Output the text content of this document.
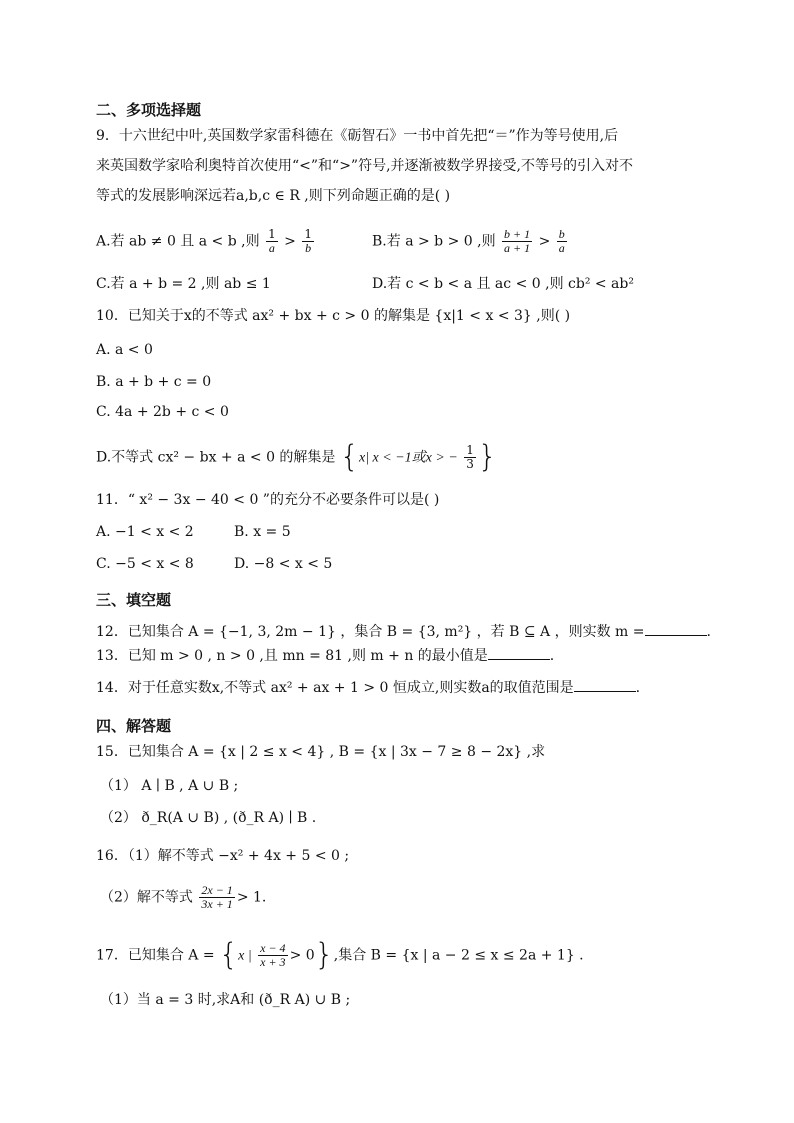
二、多项选择题
9．十六世纪中叶,英国数学家雷科德在《砺智石》一书中首先把“＝”作为等号使用,后
来英国数学家哈利奥特首次使用“<”和“>”符号,并逐渐被数学界接受,不等号的引入对不
等式的发展影响深远若a,b,c ∈ R ,则下列命题正确的是( )
A.若 ab ≠ 0 且 a < b ,则 $\frac{1}{a} > \frac{1}{b}$	B.若 a > b > 0 ,则 $\frac{b + 1}{a + 1} > \frac{b}{a}$
C.若 a + b = 2 ,则 ab ≤ 1	D.若 c < b < a 且 ac < 0 ,则 cb² < ab²
10．已知关于x的不等式 ax² + bx + c > 0 的解集是 {x|1 < x < 3} ,则( )
A. a < 0
B. a + b + c = 0
C. 4a + 2b + c < 0
D.不等式 cx² − bx + a < 0 的解集是 {x| x < −1或x > − $\frac{1}{3}$ }
11．“ x² − 3x − 40 < 0 ”的充分不必要条件可以是( )
A. −1 < x < 2	B. x = 5
C. −5 < x < 8	D. −8 < x < 5
三、填空题
12．已知集合 A = {−1, 3, 2m − 1} ，集合 B = {3, m²} ，若 B ⊆ A ，则实数 m =	.
13．已知 m > 0 , n > 0 ,且 mn = 81 ,则 m + n 的最小值是	.
14．对于任意实数x,不等式 ax² + ax + 1 > 0 恒成立,则实数a的取值范围是	.
四、解答题
15．已知集合 A = {x | 2 ≤ x < 4} , B = {x | 3x − 7 ≥ 8 − 2x} ,求
（1） A ∣ B , A ∪ B ;
（2） ð_R(A ∪ B) , (ð_R A) ∣ B .
16．（1）解不等式 −x² + 4x + 5 < 0 ;
（2）解不等式 $\frac{2x - 1}{3x + 1} > 1$.
17．已知集合 A = {x | $\frac{x - 4}{x + 3} > 0$},集合 B = {x | a − 2 ≤ x ≤ 2a + 1} .
（1）当 a = 3 时,求A和 (ð_R A) ∪ B ;
